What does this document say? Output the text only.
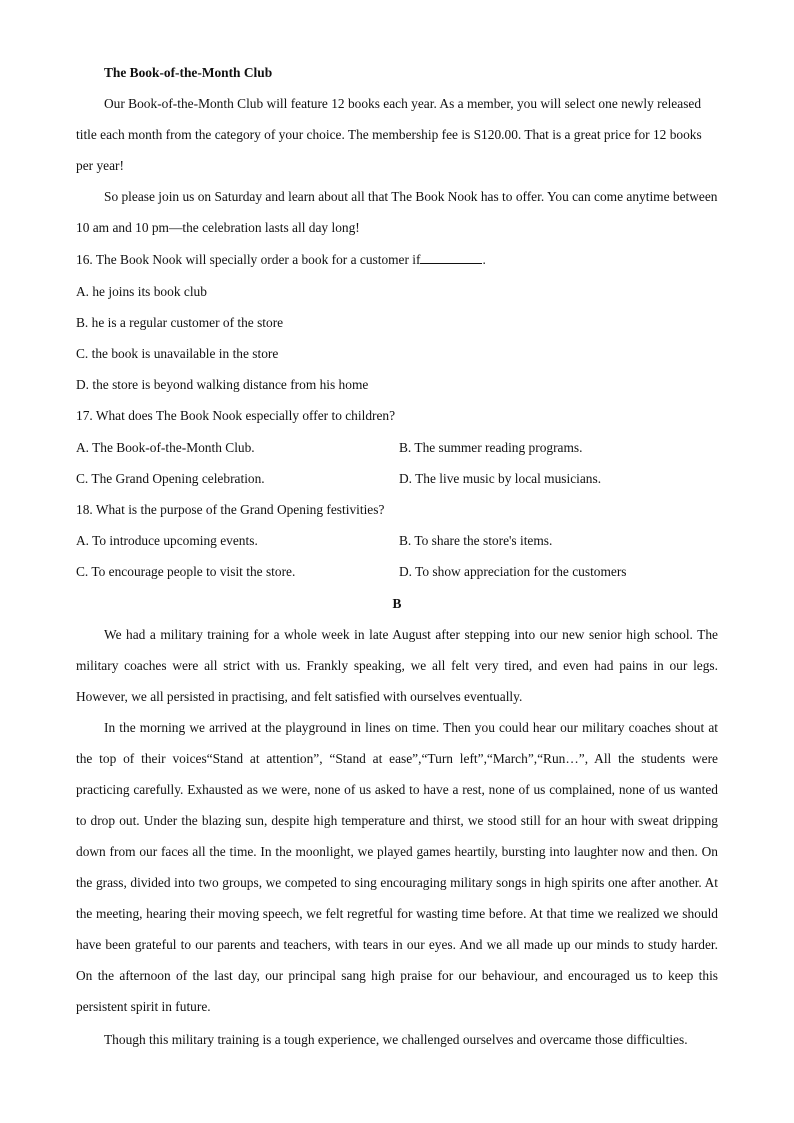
The Book-of-the-Month Club
Our Book-of-the-Month Club will feature 12 books each year. As a member, you will select one newly released title each month from the category of your choice. The membership fee is S120.00. That is a great price for 12 books per year!
So please join us on Saturday and learn about all that The Book Nook has to offer. You can come anytime between 10 am and 10 pm—the celebration lasts all day long!
16. The Book Nook will specially order a book for a customer if	.
A. he joins its book club
B. he is a regular customer of the store
C. the book is unavailable in the store
D. the store is beyond walking distance from his home
17. What does The Book Nook especially offer to children?
A. The Book-of-the-Month Club.	B. The summer reading programs.
C. The Grand Opening celebration.	D. The live music by local musicians.
18. What is the purpose of the Grand Opening festivities?
A. To introduce upcoming events.	B. To share the store's items.
C. To encourage people to visit the store.	D. To show appreciation for the customers
B
We had a military training for a whole week in late August after stepping into our new senior high school. The military coaches were all strict with us. Frankly speaking, we all felt very tired, and even had pains in our legs. However, we all persisted in practising, and felt satisfied with ourselves eventually.
In the morning we arrived at the playground in lines on time. Then you could hear our military coaches shout at the top of their voices“Stand at attention”, “Stand at ease”,“Turn left”,“March”,“Run…”, All the students were practicing carefully. Exhausted as we were, none of us asked to have a rest, none of us complained, none of us wanted to drop out. Under the blazing sun, despite high temperature and thirst, we stood still for an hour with sweat dripping down from our faces all the time. In the moonlight, we played games heartily, bursting into laughter now and then. On the grass, divided into two groups, we competed to sing encouraging military songs in high spirits one after another. At the meeting, hearing their moving speech, we felt regretful for wasting time before. At that time we realized we should have been grateful to our parents and teachers, with tears in our eyes. And we all made up our minds to study harder. On the afternoon of the last day, our principal sang high praise for our behaviour, and encouraged us to keep this persistent spirit in future.
Though this military training is a tough experience, we challenged ourselves and overcame those difficulties.
